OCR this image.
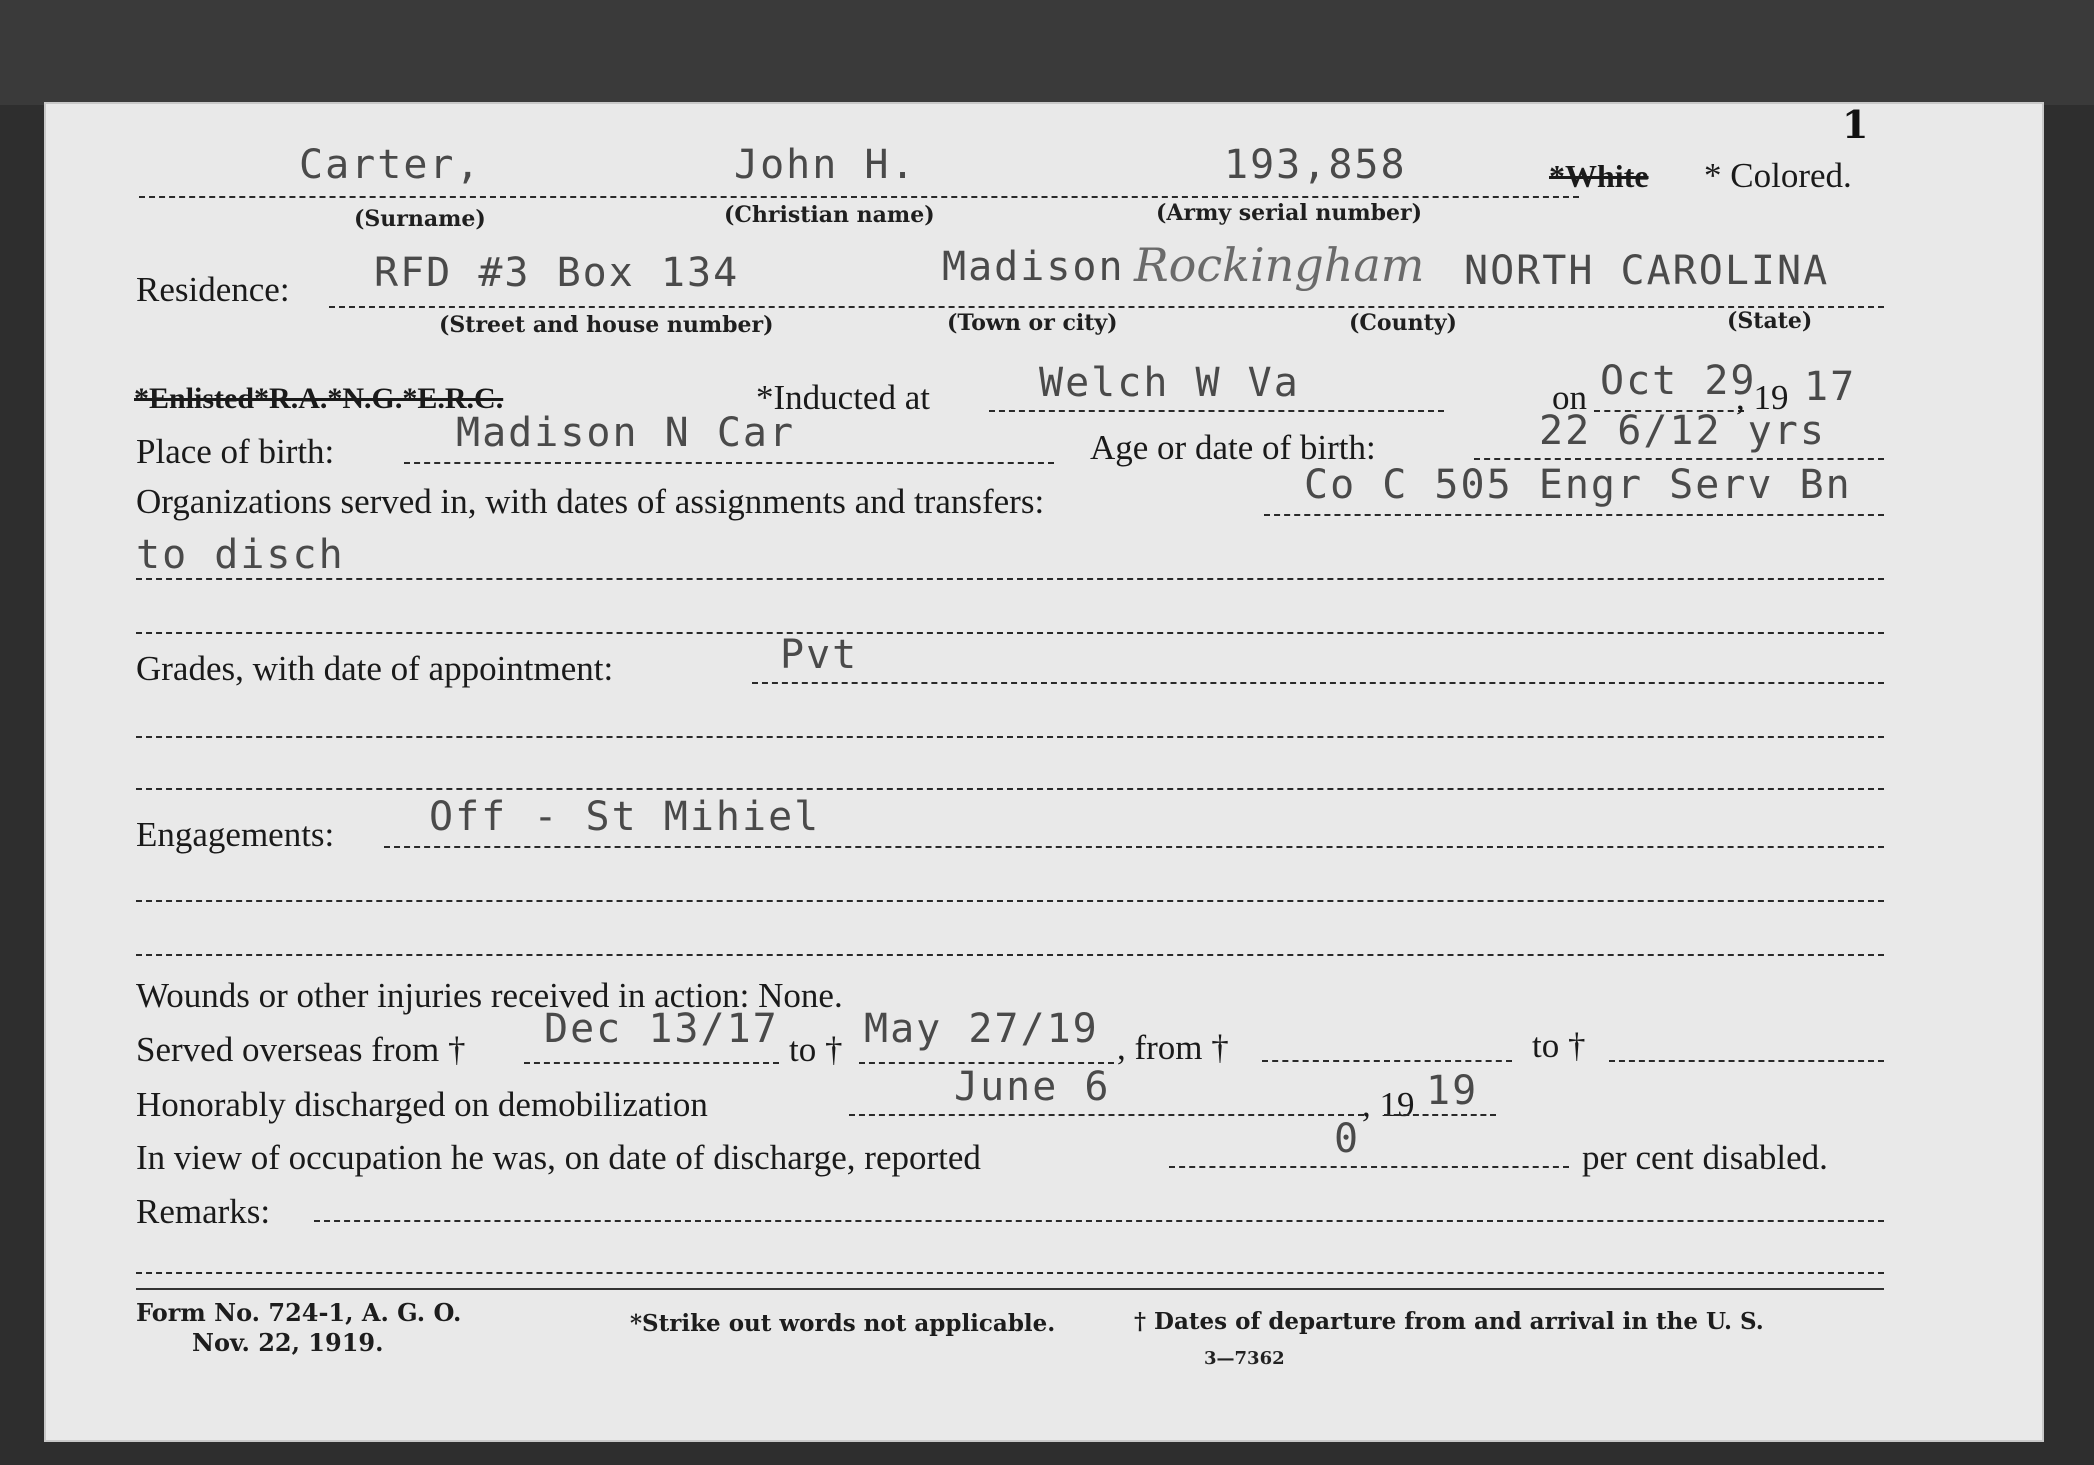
1
Carter,	John H.	193,858	*White * Colored.
(Surname)	(Christian name)	(Army serial number)
Residence: RFD #3 Box 134	Madison Rockingham NORTH CAROLINA
(Street and house number)	(Town or city)	(County)	(State)
*Enlisted*R.A.*N.G.*E.R.C.	*Inducted at	Welch W Va	on Oct 29
, 19 17
Place of birth:	Madison N Car	Age or date of birth:	22 6/12 yrs
Organizations served in, with dates of assignments and transfers:	Co C 505 Engr Serv Bn
to disch
Grades, with date of appointment:	Pvt
Engagements: Off - St Mihiel
Wounds or other injuries received in action: None.
Served overseas from † Dec 13/17 to † May 27/19 , from †	to †
Honorably discharged on demobilization	June 6	, 19 19
In view of occupation he was, on date of discharge, reported	0	per cent disabled.
Remarks:
Form No. 724-1, A. G. O.
Nov. 22, 1919.
*Strike out words not applicable.	† Dates of departure from and arrival in the U. S.
3—7362
